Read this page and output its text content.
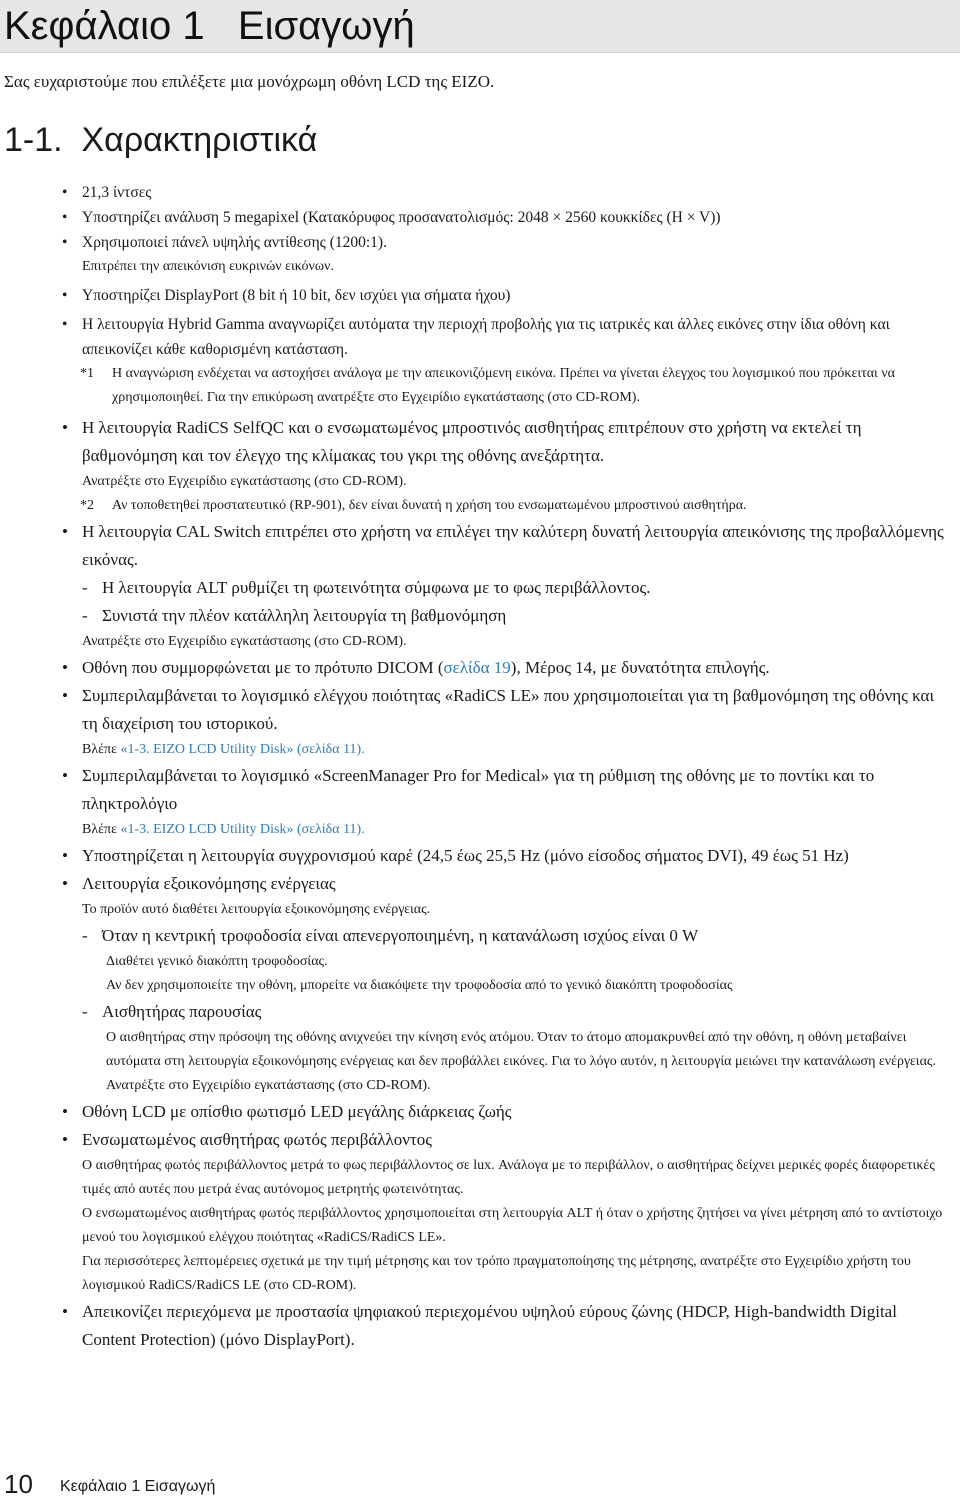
Κεφάλαιο 1   Εισαγωγή
Σας ευχαριστούμε που επιλέξετε μια μονόχρωμη οθόνη LCD της EIZO.
1-1.  Χαρακτηριστικά
• 21,3 ίντσες
• Υποστηρίζει ανάλυση 5 megapixel (Κατακόρυφος προσανατολισμός: 2048 × 2560 κουκκίδες (H × V))
• Χρησιμοποιεί πάνελ υψηλής αντίθεσης (1200:1).
Επιτρέπει την απεικόνιση ευκρινών εικόνων.
• Υποστηρίζει DisplayPort (8 bit ή 10 bit, δεν ισχύει για σήματα ήχου)
• Η λειτουργία Hybrid Gamma αναγνωρίζει αυτόματα την περιοχή προβολής για τις ιατρικές και άλλες εικόνες στην ίδια οθόνη και απεικονίζει κάθε καθορισμένη κατάσταση.
*1 Η αναγνώριση ενδέχεται να αστοχήσει ανάλογα με την απεικονιζόμενη εικόνα. Πρέπει να γίνεται έλεγχος του λογισμικού που πρόκειται να χρησιμοποιηθεί. Για την επικύρωση ανατρέξτε στο Εγχειρίδιο εγκατάστασης (στο CD-ROM).
• Η λειτουργία RadiCS SelfQC και ο ενσωματωμένος μπροστινός αισθητήρας επιτρέπουν στο χρήστη να εκτελεί τη βαθμονόμηση και τον έλεγχο της κλίμακας του γκρι της οθόνης ανεξάρτητα.
Ανατρέξτε στο Εγχειρίδιο εγκατάστασης (στο CD-ROM).
*2 Αν τοποθετηθεί προστατευτικό (RP-901), δεν είναι δυνατή η χρήση του ενσωματωμένου μπροστινού αισθητήρα.
• Η λειτουργία CAL Switch επιτρέπει στο χρήστη να επιλέγει την καλύτερη δυνατή λειτουργία απεικόνισης της προβαλλόμενης εικόνας.
- Η λειτουργία ALT ρυθμίζει τη φωτεινότητα σύμφωνα με το φως περιβάλλοντος.
- Συνιστά την πλέον κατάλληλη λειτουργία τη βαθμονόμηση
Ανατρέξτε στο Εγχειρίδιο εγκατάστασης (στο CD-ROM).
• Οθόνη που συμμορφώνεται με το πρότυπο DICOM (σελίδα 19), Μέρος 14, με δυνατότητα επιλογής.
• Συμπεριλαμβάνεται το λογισμικό ελέγχου ποιότητας «RadiCS LE» που χρησιμοποιείται για τη βαθμονόμηση της οθόνης και τη διαχείριση του ιστορικού.
Βλέπε «1-3. EIZO LCD Utility Disk» (σελίδα 11).
• Συμπεριλαμβάνεται το λογισμικό «ScreenManager Pro for Medical» για τη ρύθμιση της οθόνης με το ποντίκι και το πληκτρολόγιο
Βλέπε «1-3. EIZO LCD Utility Disk» (σελίδα 11).
• Υποστηρίζεται η λειτουργία συγχρονισμού καρέ (24,5 έως 25,5 Hz (μόνο είσοδος σήματος DVI), 49 έως 51 Hz)
• Λειτουργία εξοικονόμησης ενέργειας
Το προϊόν αυτό διαθέτει λειτουργία εξοικονόμησης ενέργειας.
- Όταν η κεντρική τροφοδοσία είναι απενεργοποιημένη, η κατανάλωση ισχύος είναι 0 W
Διαθέτει γενικό διακόπτη τροφοδοσίας.
Αν δεν χρησιμοποιείτε την οθόνη, μπορείτε να διακόψετε την τροφοδοσία από το γενικό διακόπτη τροφοδοσίας
- Αισθητήρας παρουσίας
Ο αισθητήρας στην πρόσοψη της οθόνης ανιχνεύει την κίνηση ενός ατόμου. Όταν το άτομο απομακρυνθεί από την οθόνη, η οθόνη μεταβαίνει αυτόματα στη λειτουργία εξοικονόμησης ενέργειας και δεν προβάλλει εικόνες. Για το λόγο αυτόν, η λειτουργία μειώνει την κατανάλωση ενέργειας.
Ανατρέξτε στο Εγχειρίδιο εγκατάστασης (στο CD-ROM).
• Οθόνη LCD με οπίσθιο φωτισμό LED μεγάλης διάρκειας ζωής
• Ενσωματωμένος αισθητήρας φωτός περιβάλλοντος
Ο αισθητήρας φωτός περιβάλλοντος μετρά το φως περιβάλλοντος σε lux. Ανάλογα με το περιβάλλον, ο αισθητήρας δείχνει μερικές φορές διαφορετικές τιμές από αυτές που μετρά ένας αυτόνομος μετρητής φωτεινότητας.
Ο ενσωματωμένος αισθητήρας φωτός περιβάλλοντος χρησιμοποιείται στη λειτουργία ALT ή όταν ο χρήστης ζητήσει να γίνει μέτρηση από το αντίστοιχο μενού του λογισμικού ελέγχου ποιότητας «RadiCS/RadiCS LE».
Για περισσότερες λεπτομέρειες σχετικά με την τιμή μέτρησης και τον τρόπο πραγματοποίησης της μέτρησης, ανατρέξτε στο Εγχειρίδιο χρήστη του λογισμικού RadiCS/RadiCS LE (στο CD-ROM).
• Απεικονίζει περιεχόμενα με προστασία ψηφιακού περιεχομένου υψηλού εύρους ζώνης (HDCP, High-bandwidth Digital Content Protection) (μόνο DisplayPort).
10 Κεφάλαιο 1 Εισαγωγή
